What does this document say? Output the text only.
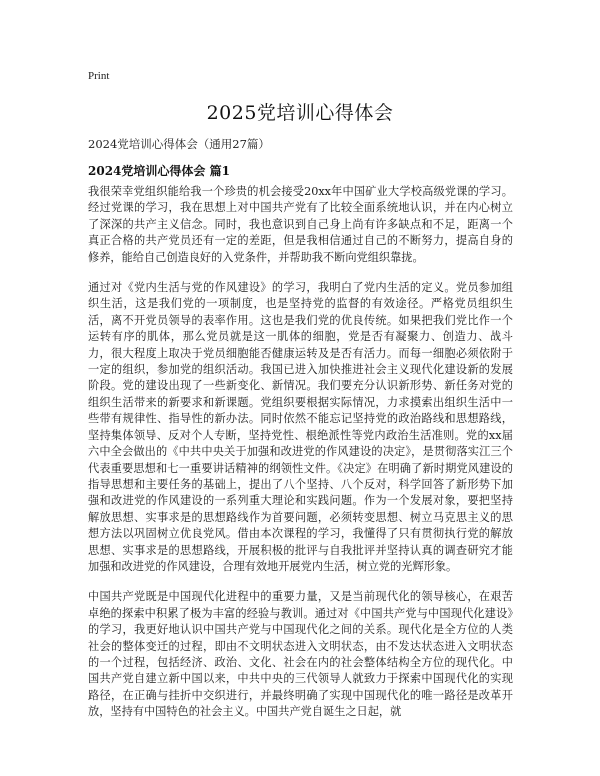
Print
2025党培训心得体会
2024党培训心得体会（通用27篇）
2024党培训心得体会 篇1

我很荣幸党组织能给我一个珍贵的机会接受20xx年中国矿业大学校高级党课的学习。经过党课的学习，我在思想上对中国共产党有了比较全面系统地认识，并在内心树立了深深的共产主义信念。同时，我也意识到自己身上尚有许多缺点和不足，距离一个真正合格的共产党员还有一定的差距，但是我相信通过自己的不断努力，提高自身的修养，能给自己创造良好的入党条件，并帮助我不断向党组织靠拢。

通过对《党内生活与党的作风建设》的学习，我明白了党内生活的定义。党员参加组织生活，这是我们党的一项制度，也是坚持党的监督的有效途径。严格党员组织生活，离不开党员领导的表率作用。这也是我们党的优良传统。如果把我们党比作一个运转有序的肌体，那么党员就是这一肌体的细胞，党是否有凝聚力、创造力、战斗力，很大程度上取决于党员细胞能否健康运转及是否有活力。而每一细胞必须依附于一定的组织，参加党的组织活动。我国已进入加快推进社会主义现代化建设新的发展阶段。党的建设出现了一些新变化、新情况。我们要充分认识新形势、新任务对党的组织生活带来的新要求和新课题。党组织要根据实际情况，力求摸索出组织生活中一些带有规律性、指导性的新办法。同时依然不能忘记坚持党的政治路线和思想路线，坚持集体领导、反对个人专断，坚持党性、根绝派性等党内政治生活准则。党的xx届六中全会做出的《中共中央关于加强和改进党的作风建设的决定》，是贯彻落实江三个代表重要思想和七一重要讲话精神的纲领性文件。《决定》在明确了新时期党风建设的指导思想和主要任务的基础上，提出了八个坚持、八个反对，科学回答了新形势下加强和改进党的作风建设的一系列重大理论和实践问题。作为一个发展对象，要把坚持解放思想、实事求是的思想路线作为首要问题，必须转变思想、树立马克思主义的思想方法以巩固树立优良党风。借由本次课程的学习，我懂得了只有贯彻执行党的解放思想、实事求是的思想路线，开展积极的批评与自我批评并坚持认真的调查研究才能加强和改进党的作风建设，合理有效地开展党内生活，树立党的光辉形象。

中国共产党既是中国现代化进程中的重要力量，又是当前现代化的领导核心，在艰苦卓绝的探索中积累了极为丰富的经验与教训。通过对《中国共产党与中国现代化建设》的学习，我更好地认识中国共产党与中国现代化之间的关系。现代化是全方位的人类社会的整体变迁的过程，即由不文明状态进入文明状态，由不发达状态进入文明状态的一个过程，包括经济、政治、文化、社会在内的社会整体结构全方位的现代化。中国共产党自建立新中国以来，中共中央的三代领导人就致力于探索中国现代化的实现路径，在正确与挂折中交织进行，并最终明确了实现中国现代化的唯一路径是改革开放，坚持有中国特色的社会主义。中国共产党自诞生之日起，就
